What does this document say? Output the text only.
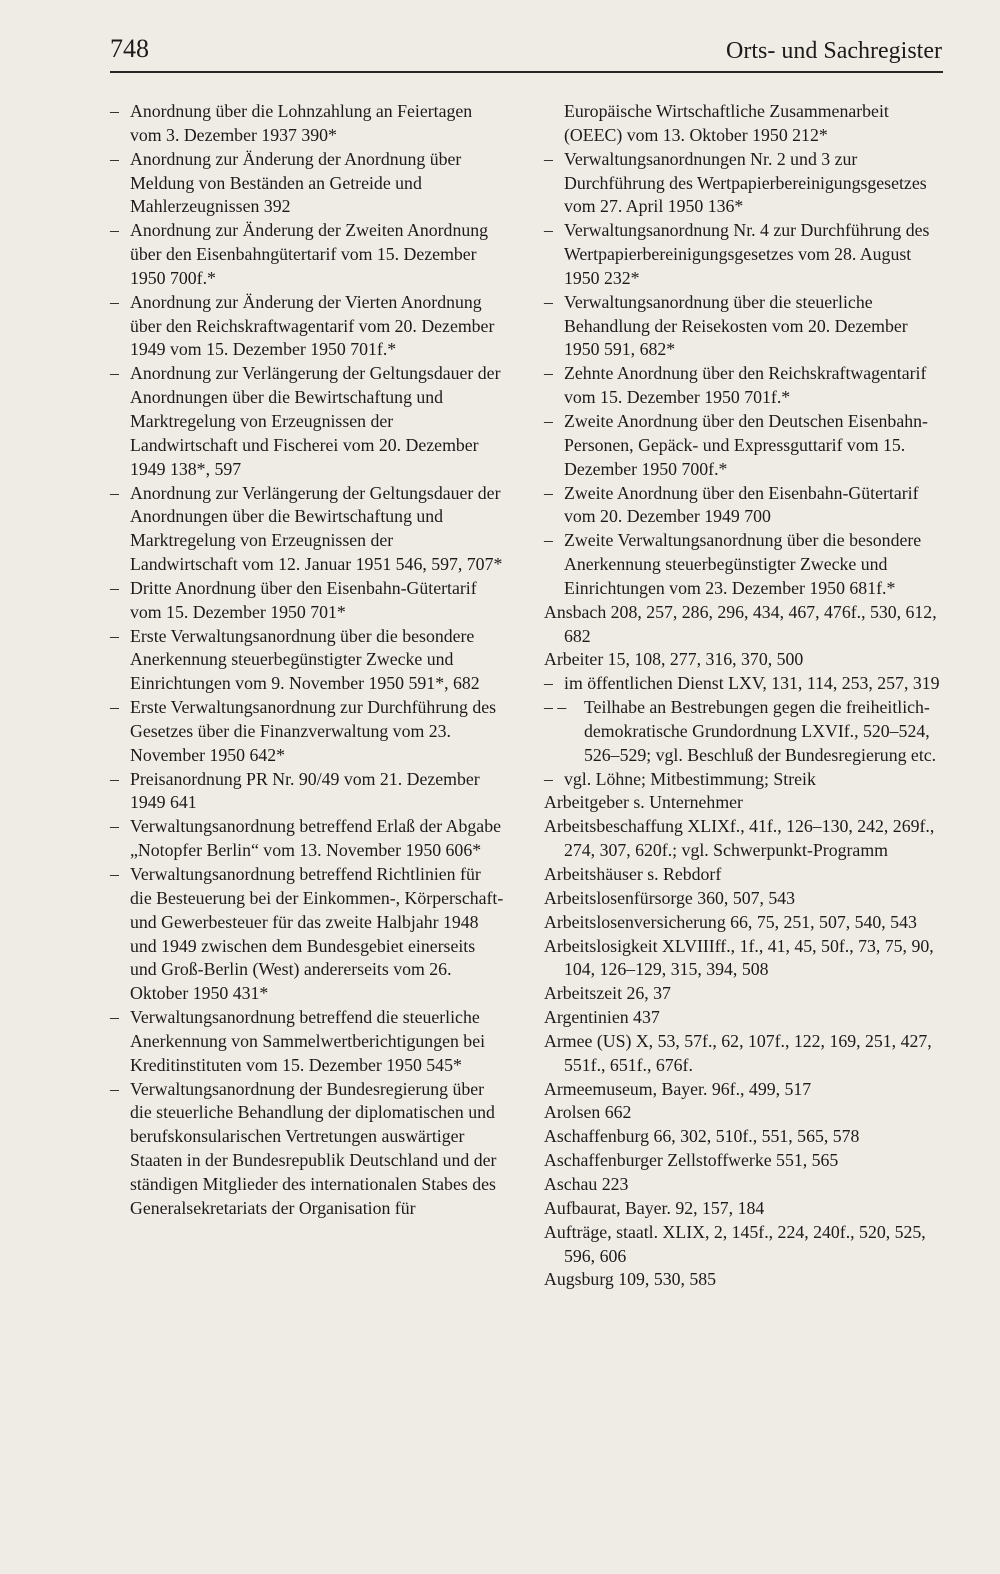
748	Orts- und Sachregister

– Anordnung über die Lohnzahlung an Feiertagen vom 3. Dezember 1937 390*

– Anordnung zur Änderung der Anordnung über Meldung von Beständen an Getreide und Mahlerzeugnissen 392

– Anordnung zur Änderung der Zweiten Anordnung über den Eisenbahngütertarif vom 15. Dezember 1950 700f.*

– Anordnung zur Änderung der Vierten Anordnung über den Reichskraftwagentarif vom 20. Dezember 1949 vom 15. Dezember 1950 701f.*

– Anordnung zur Verlängerung der Geltungsdauer der Anordnungen über die Bewirtschaftung und Marktregelung von Erzeugnissen der Landwirtschaft und Fischerei vom 20. Dezember 1949 138*, 597

– Anordnung zur Verlängerung der Geltungsdauer der Anordnungen über die Bewirtschaftung und Marktregelung von Erzeugnissen der Landwirtschaft vom 12. Januar 1951 546, 597, 707*

– Dritte Anordnung über den Eisenbahn-Gütertarif vom 15. Dezember 1950 701*

– Erste Verwaltungsanordnung über die besondere Anerkennung steuerbegünstigter Zwecke und Einrichtungen vom 9. November 1950 591*, 682

– Erste Verwaltungsanordnung zur Durchführung des Gesetzes über die Finanzverwaltung vom 23. November 1950 642*

– Preisanordnung PR Nr. 90/49 vom 21. Dezember 1949 641

– Verwaltungsanordnung betreffend Erlaß der Abgabe „Notopfer Berlin“ vom 13. November 1950 606*

– Verwaltungsanordnung betreffend Richtlinien für die Besteuerung bei der Einkommen-, Körperschaft- und Gewerbesteuer für das zweite Halbjahr 1948 und 1949 zwischen dem Bundesgebiet einerseits und Groß-Berlin (West) andererseits vom 26. Oktober 1950 431*

– Verwaltungsanordnung betreffend die steuerliche Anerkennung von Sammelwertberichtigungen bei Kreditinstituten vom 15. Dezember 1950 545*

– Verwaltungsanordnung der Bundesregierung über die steuerliche Behandlung der diplomatischen und berufskonsularischen Vertretungen auswärtiger Staaten in der Bundesrepublik Deutschland und der ständigen Mitglieder des internationalen Stabes des Generalsekretariats der Organisation für

Europäische Wirtschaftliche Zusammenarbeit (OEEC) vom 13. Oktober 1950 212*

– Verwaltungsanordnungen Nr. 2 und 3 zur Durchführung des Wertpapierbereinigungsgesetzes vom 27. April 1950 136*

– Verwaltungsanordnung Nr. 4 zur Durchführung des Wertpapierbereinigungsgesetzes vom 28. August 1950 232*

– Verwaltungsanordnung über die steuerliche Behandlung der Reisekosten vom 20. Dezember 1950 591, 682*

– Zehnte Anordnung über den Reichskraftwagentarif vom 15. Dezember 1950 701f.*

– Zweite Anordnung über den Deutschen Eisenbahn-Personen, Gepäck- und Expressguttarif vom 15. Dezember 1950 700f.*

– Zweite Anordnung über den Eisenbahn-Gütertarif vom 20. Dezember 1949 700

– Zweite Verwaltungsanordnung über die besondere Anerkennung steuerbegünstigter Zwecke und Einrichtungen vom 23. Dezember 1950 681f.*

Ansbach 208, 257, 286, 296, 434, 467, 476f., 530, 612, 682

Arbeiter 15, 108, 277, 316, 370, 500

– im öffentlichen Dienst LXV, 131, 114, 253, 257, 319

– – Teilhabe an Bestrebungen gegen die freiheitlich-demokratische Grundordnung LXVIf., 520–524, 526–529; vgl. Beschluß der Bundesregierung etc.

– vgl. Löhne; Mitbestimmung; Streik

Arbeitgeber s. Unternehmer

Arbeitsbeschaffung XLIXf., 41f., 126–130, 242, 269f., 274, 307, 620f.; vgl. Schwerpunkt-Programm

Arbeitshäuser s. Rebdorf

Arbeitslosenfürsorge 360, 507, 543

Arbeitslosenversicherung 66, 75, 251, 507, 540, 543

Arbeitslosigkeit XLVIIIff., 1f., 41, 45, 50f., 73, 75, 90, 104, 126–129, 315, 394, 508

Arbeitszeit 26, 37

Argentinien 437

Armee (US) X, 53, 57f., 62, 107f., 122, 169, 251, 427, 551f., 651f., 676f.

Armeemuseum, Bayer. 96f., 499, 517

Arolsen 662

Aschaffenburg 66, 302, 510f., 551, 565, 578

Aschaffenburger Zellstoffwerke 551, 565

Aschau 223

Aufbaurat, Bayer. 92, 157, 184

Aufträge, staatl. XLIX, 2, 145f., 224, 240f., 520, 525, 596, 606

Augsburg 109, 530, 585
